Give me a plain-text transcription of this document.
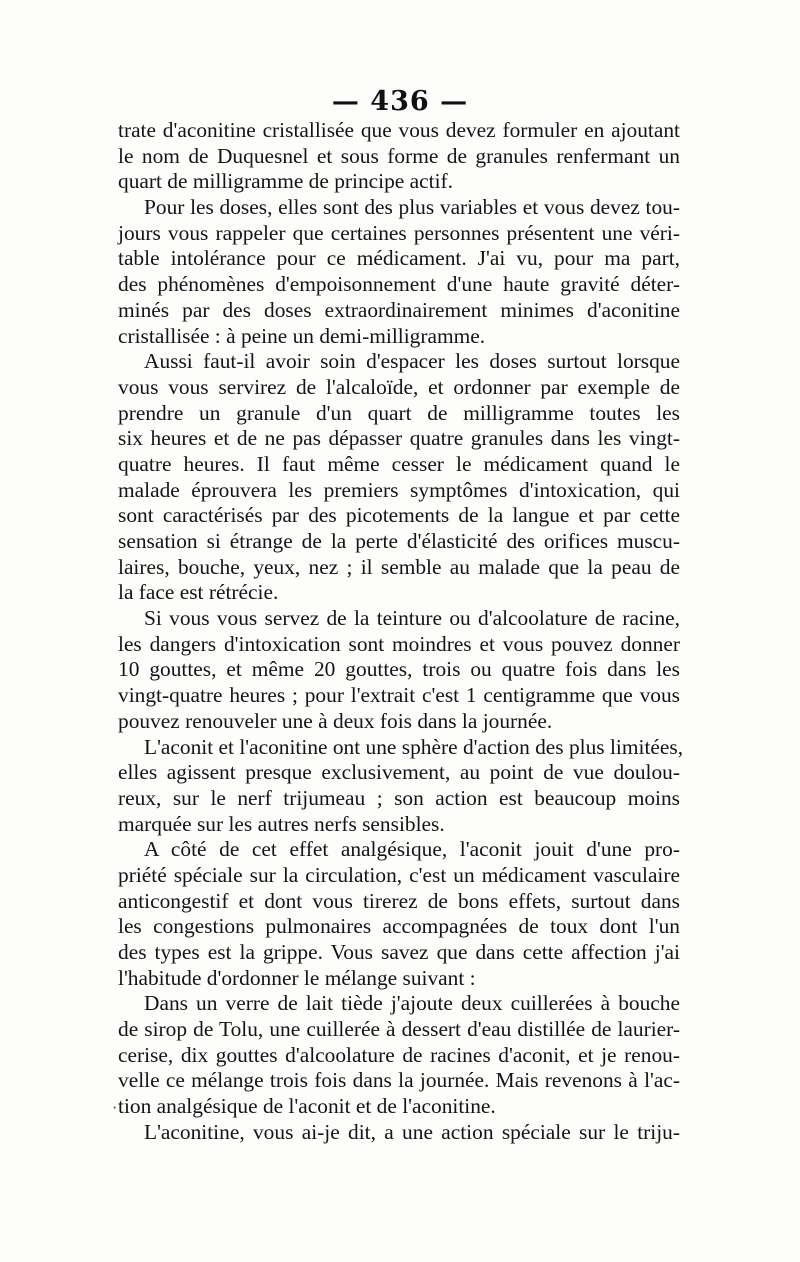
— 436 —
trate d'aconitine cristallisée que vous devez formuler en ajoutant
le nom de Duquesnel et sous forme de granules renfermant un
quart de milligramme de principe actif.
Pour les doses, elles sont des plus variables et vous devez tou-
jours vous rappeler que certaines personnes présentent une véri-
table intolérance pour ce médicament. J'ai vu, pour ma part,
des phénomènes d'empoisonnement d'une haute gravité déter-
minés par des doses extraordinairement minimes d'aconitine
cristallisée : à peine un demi-milligramme.
Aussi faut-il avoir soin d'espacer les doses surtout lorsque
vous vous servirez de l'alcaloïde, et ordonner par exemple de
prendre un granule d'un quart de milligramme toutes les
six heures et de ne pas dépasser quatre granules dans les vingt-
quatre heures. Il faut même cesser le médicament quand le
malade éprouvera les premiers symptômes d'intoxication, qui
sont caractérisés par des picotements de la langue et par cette
sensation si étrange de la perte d'élasticité des orifices muscu-
laires, bouche, yeux, nez ; il semble au malade que la peau de
la face est rétrécie.
Si vous vous servez de la teinture ou d'alcoolature de racine,
les dangers d'intoxication sont moindres et vous pouvez donner
10 gouttes, et même 20 gouttes, trois ou quatre fois dans les
vingt-quatre heures ; pour l'extrait c'est 1 centigramme que vous
pouvez renouveler une à deux fois dans la journée.
L'aconit et l'aconitine ont une sphère d'action des plus limitées,
elles agissent presque exclusivement, au point de vue doulou-
reux, sur le nerf trijumeau ; son action est beaucoup moins
marquée sur les autres nerfs sensibles.
A côté de cet effet analgésique, l'aconit jouit d'une pro-
priété spéciale sur la circulation, c'est un médicament vasculaire
anticongestif et dont vous tirerez de bons effets, surtout dans
les congestions pulmonaires accompagnées de toux dont l'un
des types est la grippe. Vous savez que dans cette affection j'ai
l'habitude d'ordonner le mélange suivant :
Dans un verre de lait tiède j'ajoute deux cuillerées à bouche
de sirop de Tolu, une cuillerée à dessert d'eau distillée de laurier-
cerise, dix gouttes d'alcoolature de racines d'aconit, et je renou-
velle ce mélange trois fois dans la journée. Mais revenons à l'ac-
tion analgésique de l'aconit et de l'aconitine.
L'aconitine, vous ai-je dit, a une action spéciale sur le triju-
·
